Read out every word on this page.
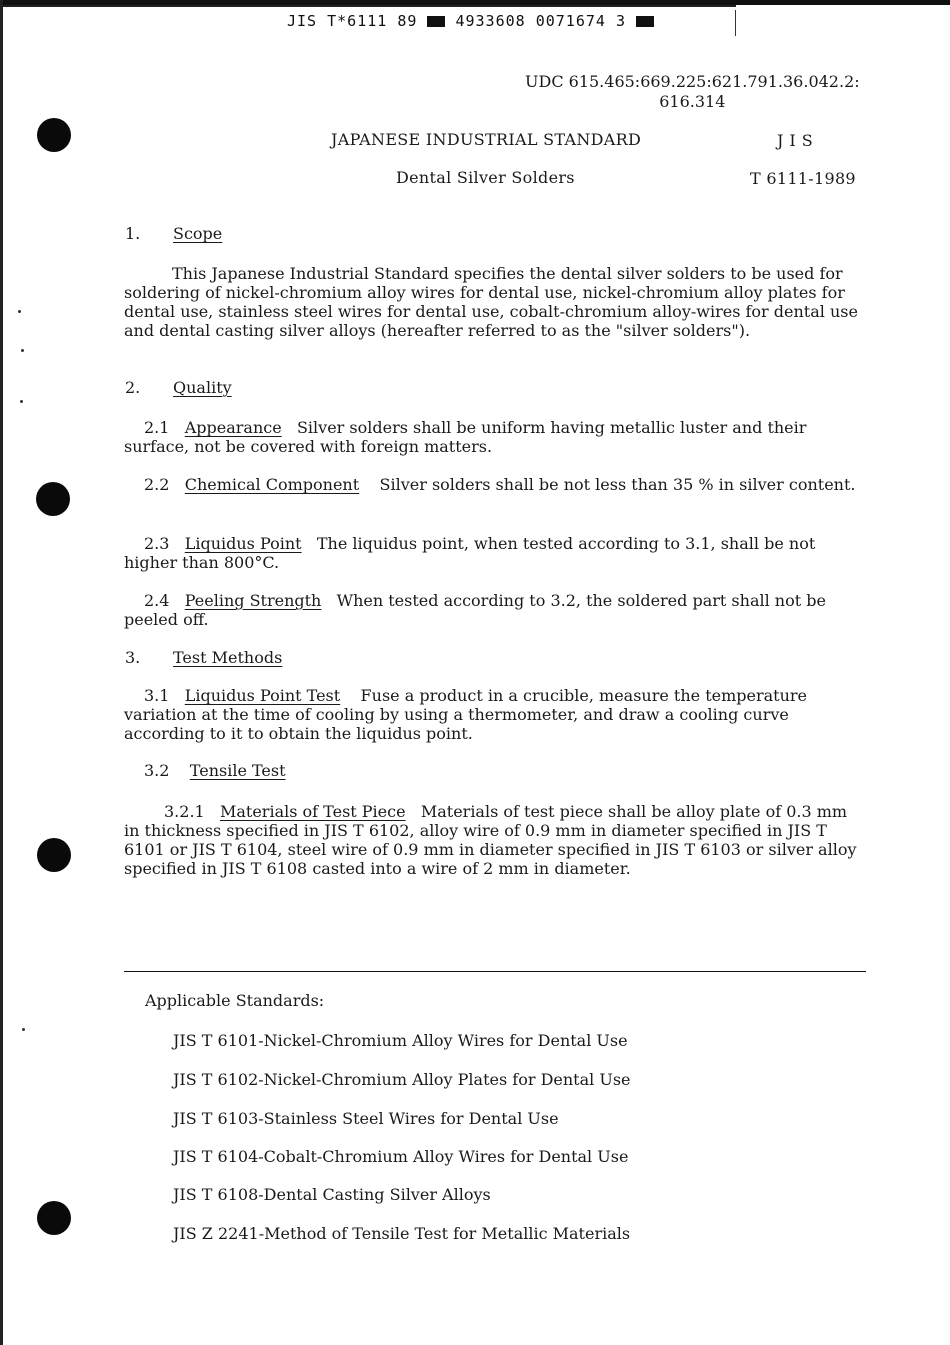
JIS T*6111 89	4933608 0071674 3
UDC 615.465:669.225:621.791.36.042.2:
616.314
JAPANESE INDUSTRIAL STANDARD	JIS
Dental Silver Solders	T 6111-1989
1. Scope

This Japanese Industrial Standard specifies the dental silver solders to be used for soldering of nickel-chromium alloy wires for dental use, nickel-chromium alloy plates for dental use, stainless steel wires for dental use, cobalt-chromium alloy-wires for dental use and dental casting silver alloys (hereafter referred to as the "silver solders").

2. Quality

2.1 Appearance Silver solders shall be uniform having metallic luster and their surface, not be covered with foreign matters.

2.2 Chemical Component Silver solders shall be not less than 35 % in silver content.

2.3 Liquidus Point The liquidus point, when tested according to 3.1, shall be not higher than 800°C.

2.4 Peeling Strength When tested according to 3.2, the soldered part shall not be peeled off.

3. Test Methods

3.1 Liquidus Point Test Fuse a product in a crucible, measure the temperature variation at the time of cooling by using a thermometer, and draw a cooling curve according to it to obtain the liquidus point.

3.2 Tensile Test

3.2.1 Materials of Test Piece Materials of test piece shall be alloy plate of 0.3 mm in thickness specified in JIS T 6102, alloy wire of 0.9 mm in diameter specified in JIS T 6101 or JIS T 6104, steel wire of 0.9 mm in diameter specified in JIS T 6103 or silver alloy specified in JIS T 6108 casted into a wire of 2 mm in diameter.

Applicable Standards:
JIS T 6101-Nickel-Chromium Alloy Wires for Dental Use
JIS T 6102-Nickel-Chromium Alloy Plates for Dental Use
JIS T 6103-Stainless Steel Wires for Dental Use
JIS T 6104-Cobalt-Chromium Alloy Wires for Dental Use
JIS T 6108-Dental Casting Silver Alloys
JIS Z 2241-Method of Tensile Test for Metallic Materials
